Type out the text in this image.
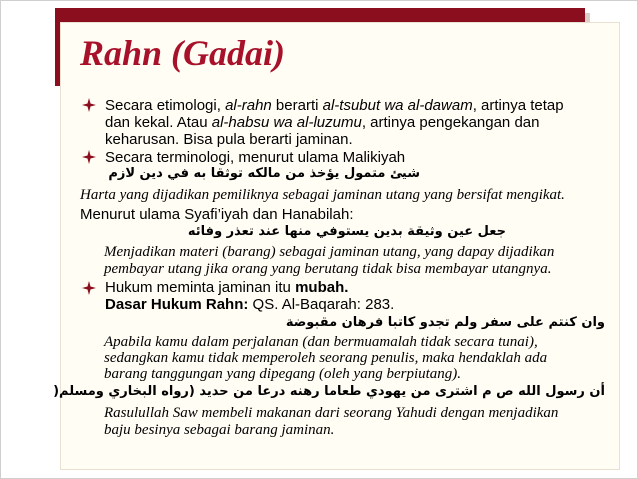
Rahn (Gadai)
Secara etimologi, al-rahn berarti al-tsubut wa al-dawam, artinya tetap
dan kekal. Atau al-habsu wa al-luzumu, artinya pengekangan dan
keharusan. Bisa pula berarti jaminan.
Secara terminologi, menurut ulama Malikiyah
شيئ متمول يؤخذ من مالكه توثقا به في دين لازم
Harta yang dijadikan pemiliknya sebagai jaminan utang yang bersifat mengikat.
Menurut ulama Syafi’iyah dan Hanabilah:
جعل عين وثيقة بدين يستوفي منها عند تعذر وفائه
Menjadikan materi (barang) sebagai jaminan utang, yang dapay dijadikan
pembayar utang jika orang yang berutang tidak bisa membayar utangnya.
Hukum meminta jaminan itu mubah.
Dasar Hukum Rahn: QS. Al-Baqarah: 283.
وان كنتم على سفر ولم تجدو كاتبا فرهان مقبوضة
Apabila kamu dalam perjalanan (dan bermuamalah tidak secara tunai),
sedangkan kamu tidak memperoleh seorang penulis, maka hendaklah ada
barang tanggungan yang dipegang (oleh yang berpiutang).
أن رسول الله ص م اشترى من يهودي طعاما رهنه درعا من حديد (رواه البخاري ومسلم(
Rasulullah Saw membeli makanan dari seorang Yahudi dengan menjadikan
baju besinya sebagai barang jaminan.
